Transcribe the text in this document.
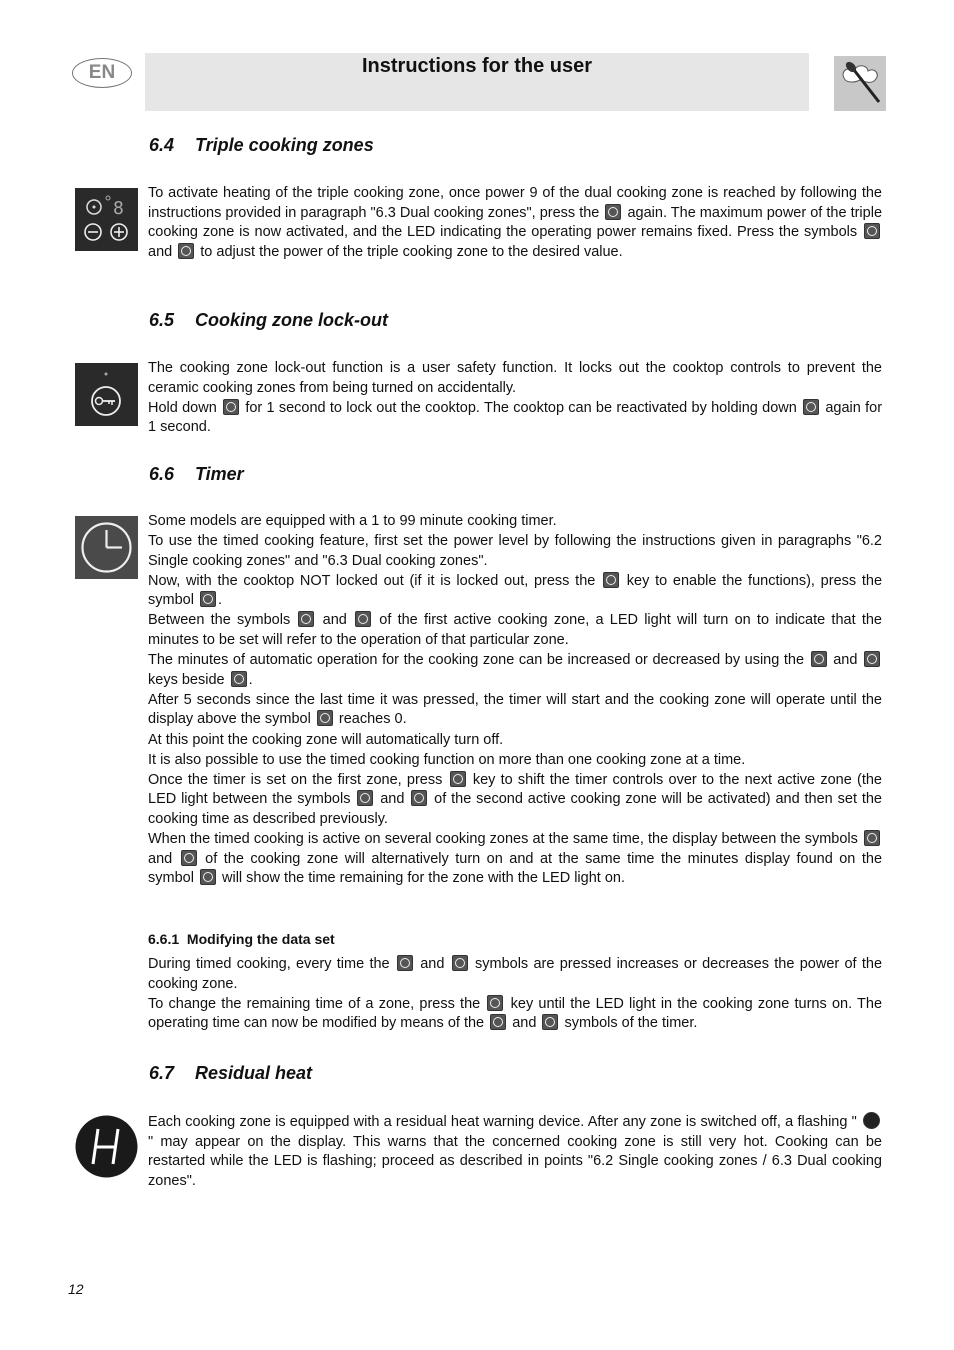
EN	Instructions for the user
6.4 Triple cooking zones
8

To activate heating of the triple cooking zone, once power 9 of the dual cooking zone is reached by following the instructions provided in paragraph "6.3 Dual cooking zones", press the again. The maximum power of the triple cooking zone is now activated, and the LED indicating the operating power remains fixed. Press the symbols  and to adjust the power of the triple cooking zone to the desired value.

6.5 Cooking zone lock-out

The cooking zone lock-out function is a user safety function. It locks out the cooktop controls to prevent the ceramic cooking zones from being turned on accidentally.

Hold down for 1 second to lock out the cooktop. The cooktop can be reactivated by holding down again for 1 second.

6.6 Timer

Some models are equipped with a 1 to 99 minute cooking timer.

To use the timed cooking feature, first set the power level by following the instructions given in paragraphs "6.2 Single cooking zones" and "6.3 Dual cooking zones".

Now, with the cooktop NOT locked out (if it is locked out, press the key to enable the functions), press the symbol .

Between the symbols and of the first active cooking zone, a LED light will turn on to indicate that the minutes to be set will refer to the operation of that particular zone.

The minutes of automatic operation for the cooking zone can be increased or decreased by using the and  keys beside .

After 5 seconds since the last time it was pressed, the timer will start and the cooking zone will operate until the display above the symbol reaches 0.

At this point the cooking zone will automatically turn off.

It is also possible to use the timed cooking function on more than one cooking zone at a time.

Once the timer is set on the first zone, press key to shift the timer controls over to the next active zone (the LED light between the symbols and of the second active cooking zone will be activated) and then set the cooking time as described previously.

When the timed cooking is active on several cooking zones at the same time, the display between the symbols  and of the cooking zone will alternatively turn on and at the same time the minutes display found on the symbol will show the time remaining for the zone with the LED light on.

6.6.1 Modifying the data set

During timed cooking, every time the and symbols are pressed increases or decreases the power of the cooking zone.

To change the remaining time of a zone, press the key until the LED light in the cooking zone turns on. The operating time can now be modified by means of the and symbols of the timer.

6.7 Residual heat

Each cooking zone is equipped with a residual heat warning device. After any zone is switched off, a flashing "  " may appear on the display. This warns that the concerned cooking zone is still very hot. Cooking can be restarted while the LED is flashing; proceed as described in points "6.2 Single cooking zones / 6.3 Dual cooking zones".

12
